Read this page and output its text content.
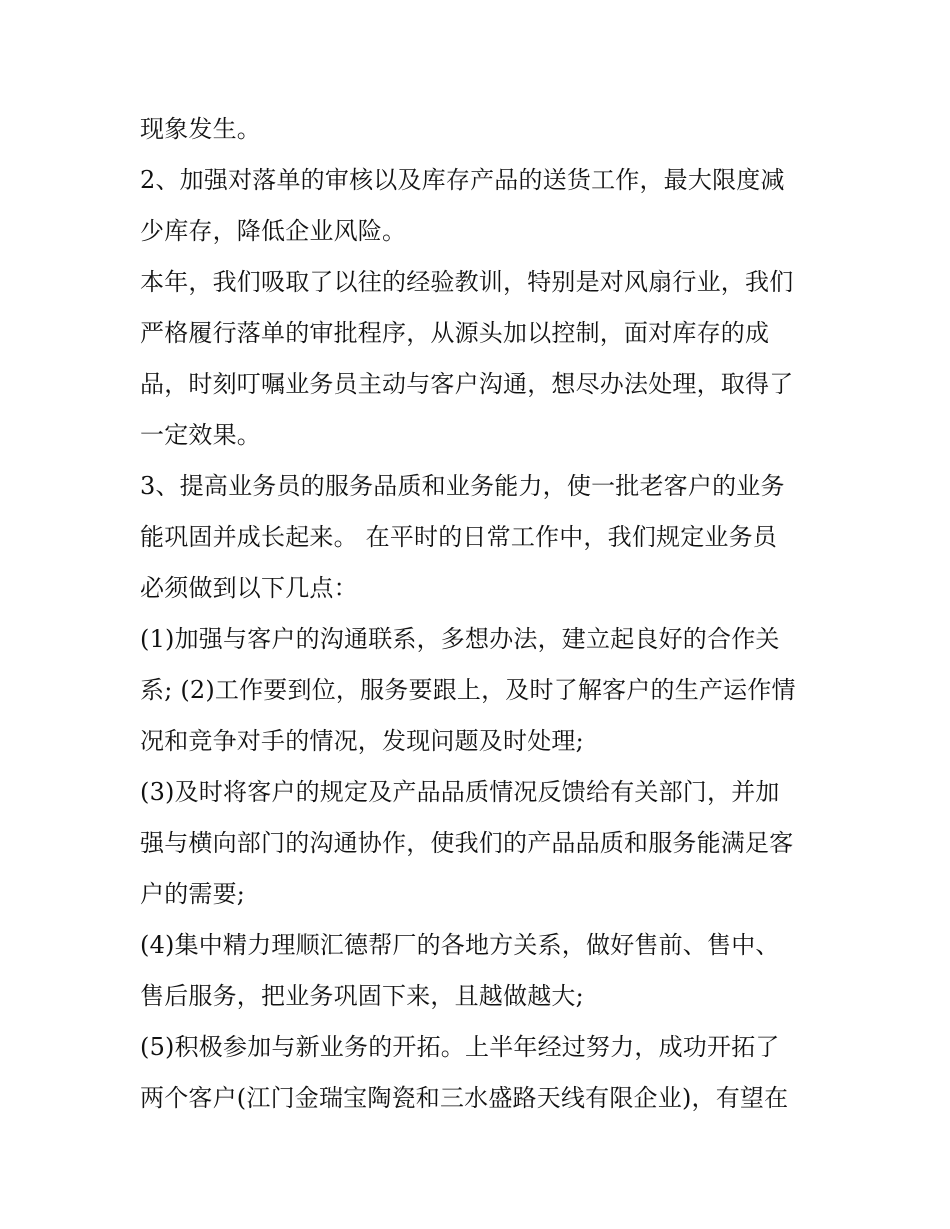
现象发生。
2、加强对落单的审核以及库存产品的送货工作，最大限度减
少库存，降低企业风险。
本年，我们吸取了以往的经验教训，特别是对风扇行业，我们
严格履行落单的审批程序，从源头加以控制，面对库存的成
品，时刻叮嘱业务员主动与客户沟通，想尽办法处理，取得了
一定效果。
3、提高业务员的服务品质和业务能力，使一批老客户的业务
能巩固并成长起来。 在平时的日常工作中，我们规定业务员
必须做到以下几点：
(1)加强与客户的沟通联系，多想办法，建立起良好的合作关
系; (2)工作要到位，服务要跟上，及时了解客户的生产运作情
况和竞争对手的情况，发现问题及时处理;
(3)及时将客户的规定及产品品质情况反馈给有关部门，并加
强与横向部门的沟通协作，使我们的产品品质和服务能满足客
户的需要;
(4)集中精力理顺汇德帮厂的各地方关系，做好售前、售中、
售后服务，把业务巩固下来，且越做越大;
(5)积极参加与新业务的开拓。上半年经过努力，成功开拓了
两个客户(江门金瑞宝陶瓷和三水盛路天线有限企业)，有望在
